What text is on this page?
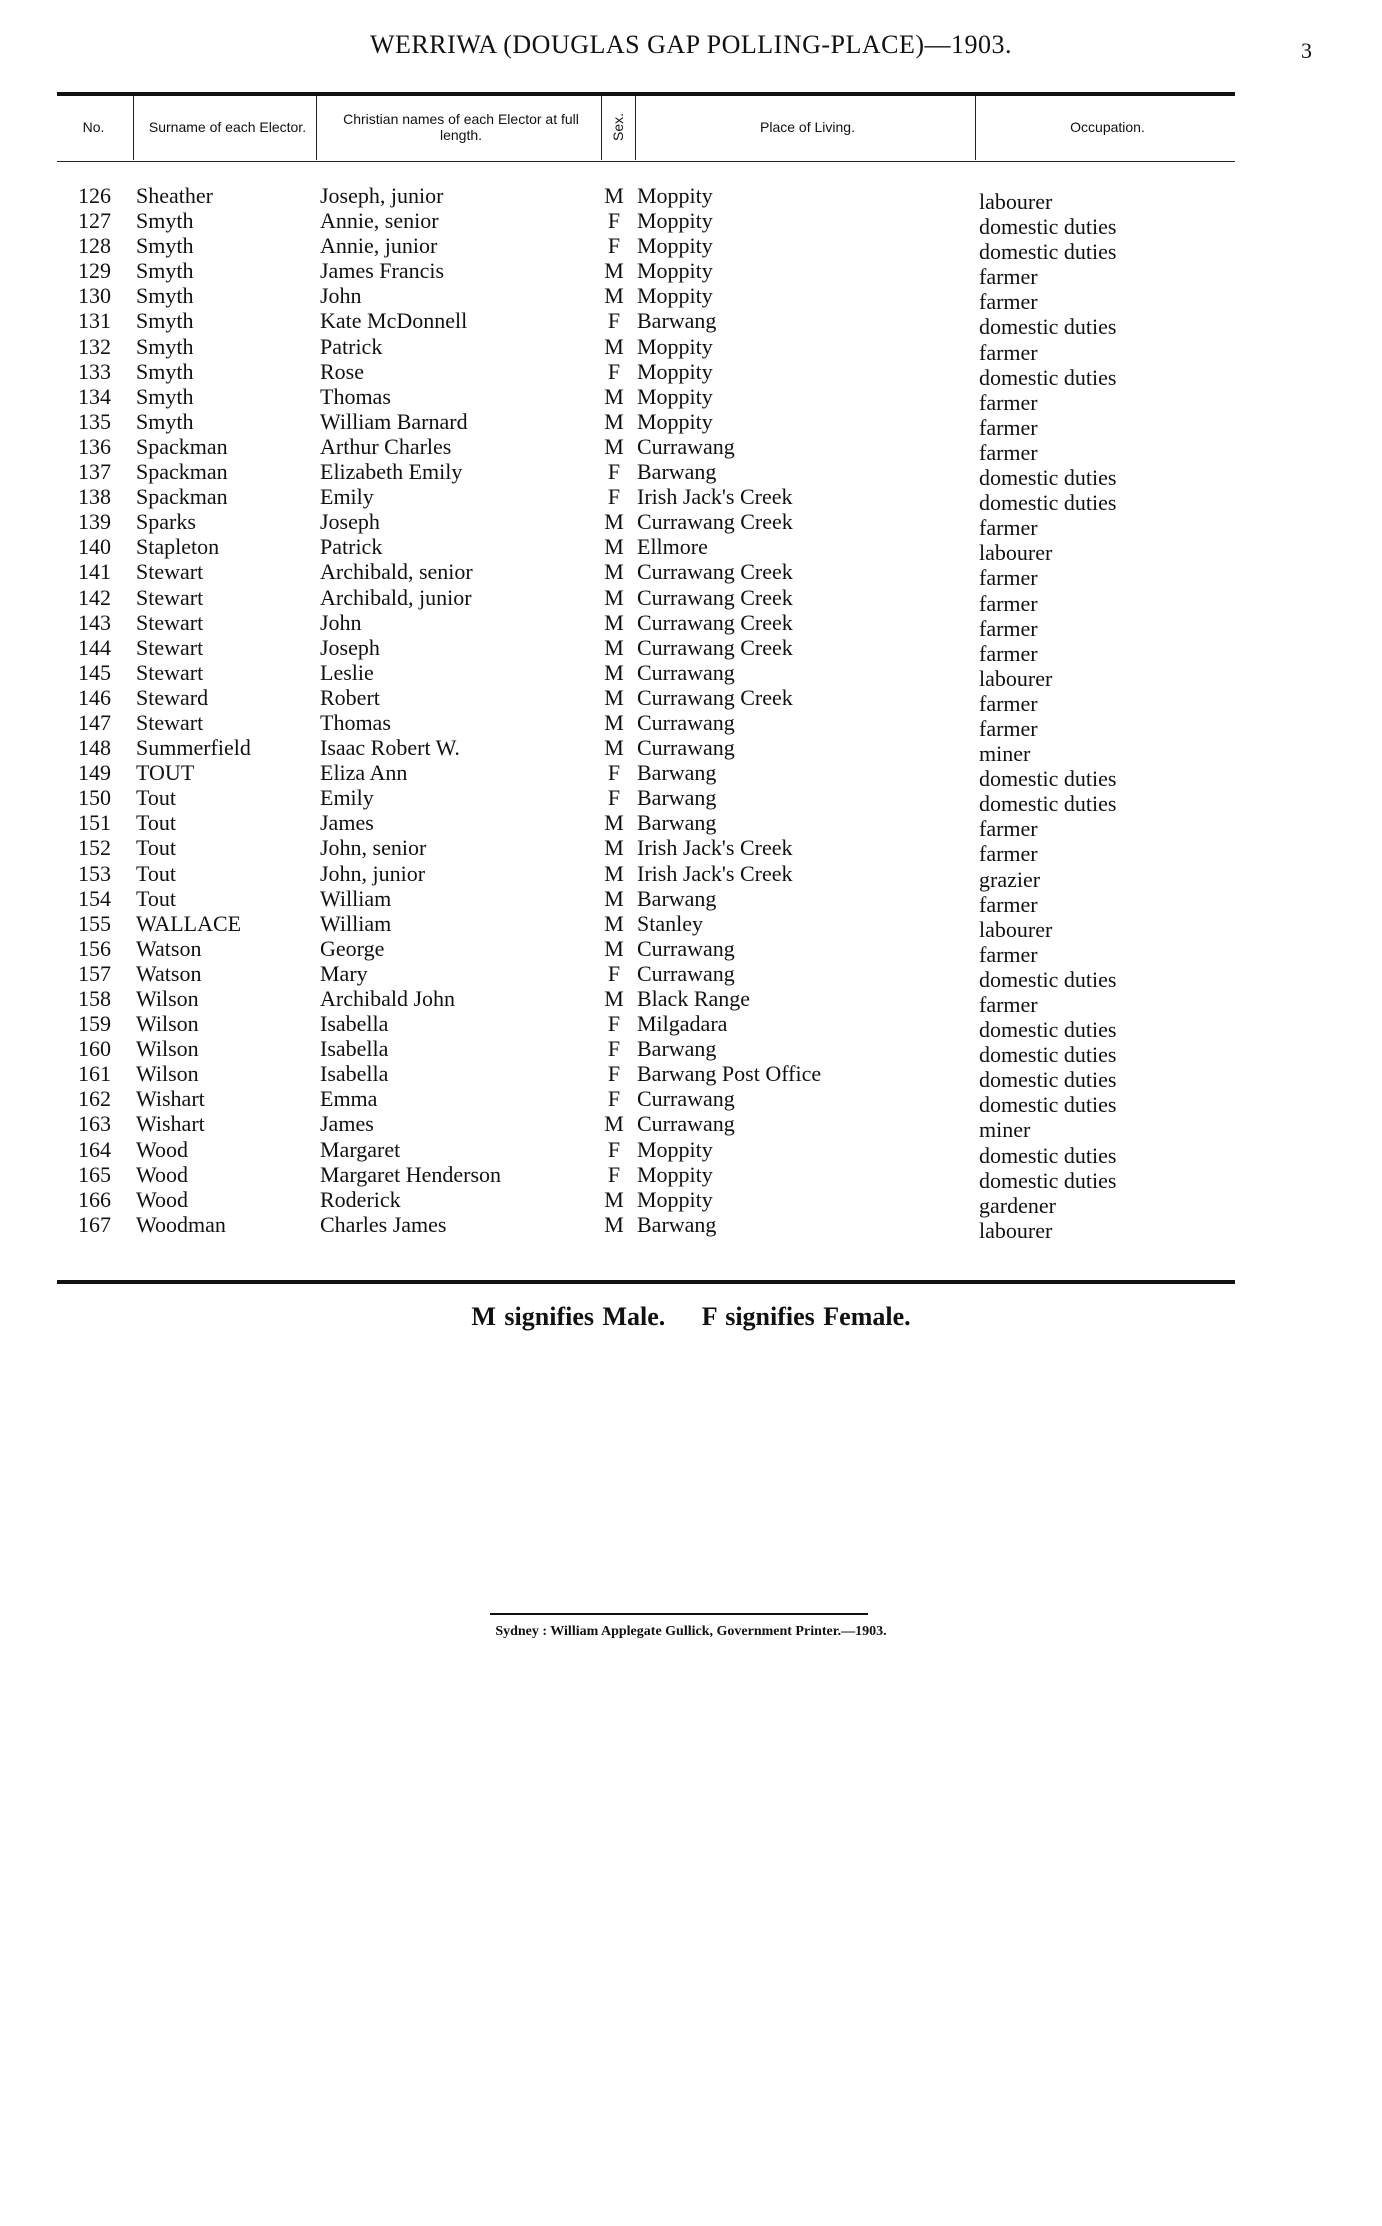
WERRIWA (DOUGLAS GAP POLLING-PLACE)—1903.	3
No.	Surname of each Elector.	Christian names of each Elector at full length.	Sex.	Place of Living.	Occupation.
126 Sheather	Joseph, junior	M Moppity	labourer
127 Smyth	Annie, senior	F Moppity	domestic duties
128 Smyth	Annie, junior	F Moppity	domestic duties
129 Smyth	James Francis	M Moppity	farmer
130 Smyth	John	M Moppity	farmer
131 Smyth	Kate McDonnell	F Barwang	domestic duties
132 Smyth	Patrick	M Moppity	farmer
133 Smyth	Rose	F Moppity	domestic duties
134 Smyth	Thomas	M Moppity	farmer
135 Smyth	William Barnard	M Moppity	farmer
136 Spackman	Arthur Charles	M Currawang	farmer
137 Spackman	Elizabeth Emily	F Barwang	domestic duties
138 Spackman	Emily	F Irish Jack's Creek	domestic duties
139 Sparks	Joseph	M Currawang Creek	farmer
140 Stapleton	Patrick	M Ellmore	labourer
141 Stewart	Archibald, senior	M Currawang Creek	farmer
142 Stewart	Archibald, junior	M Currawang Creek	farmer
143 Stewart	John	M Currawang Creek	farmer
144 Stewart	Joseph	M Currawang Creek	farmer
145 Stewart	Leslie	M Currawang	labourer
146 Steward	Robert	M Currawang Creek	farmer
147 Stewart	Thomas	M Currawang	farmer
148 Summerfield	Isaac Robert W.	M Currawang	miner
149 TOUT	Eliza Ann	F Barwang	domestic duties
150 Tout	Emily	F Barwang	domestic duties
151 Tout	James	M Barwang	farmer
152 Tout	John, senior	M Irish Jack's Creek	farmer
153 Tout	John, junior	M Irish Jack's Creek	grazier
154 Tout	William	M Barwang	farmer
155 WALLACE	William	M Stanley	labourer
156 Watson	George	M Currawang	farmer
157 Watson	Mary	F Currawang	domestic duties
158 Wilson	Archibald John	M Black Range	farmer
159 Wilson	Isabella	F Milgadara	domestic duties
160 Wilson	Isabella	F Barwang	domestic duties
161 Wilson	Isabella	F Barwang Post Office	domestic duties
162 Wishart	Emma	F Currawang	domestic duties
163 Wishart	James	M Currawang	miner
164 Wood	Margaret	F Moppity	domestic duties
165 Wood	Margaret Henderson	F Moppity	domestic duties
166 Wood	Roderick	M Moppity	gardener
167 Woodman	Charles James	M Barwang	labourer
M signifies Male. F signifies Female.
Sydney : William Applegate Gullick, Government Printer.—1903.
